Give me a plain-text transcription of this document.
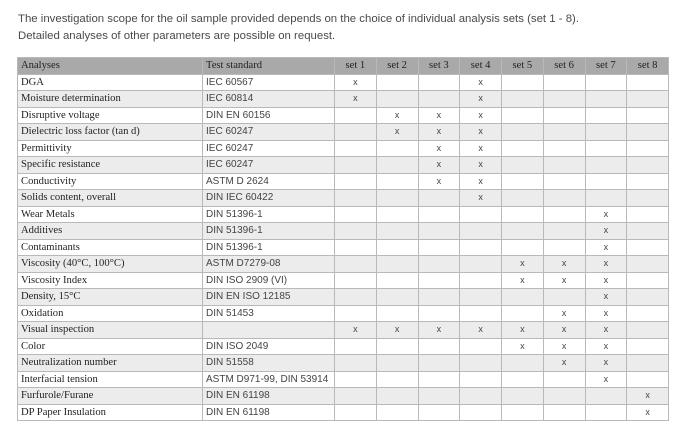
The investigation scope for the oil sample provided depends on the choice of individual analysis sets (set 1 - 8).

Detailed analyses of other parameters are possible on request.

Analyses	Test standard	set 1	set 2	set 3	set 4	set 5	set 6	set 7	set 8
DGA	IEC 60567	x			x				
Moisture determination	IEC 60814	x			x				
Disruptive voltage	DIN EN 60156		x	x	x				
Dielectric loss factor (tan d)	IEC 60247		x	x	x				
Permittivity	IEC 60247			x	x				
Specific resistance	IEC 60247			x	x				
Conductivity	ASTM D 2624			x	x				
Solids content, overall	DIN IEC 60422				x				
Wear Metals	DIN 51396-1							x	
Additives	DIN 51396-1							x	
Contaminants	DIN 51396-1							x	
Viscosity (40°C, 100°C)	ASTM D7279-08					x	x	x	
Viscosity Index	DIN ISO 2909 (VI)					x	x	x	
Density, 15°C	DIN EN ISO 12185							x	
Oxidation	DIN 51453						x	x	
Visual inspection		x	x	x	x	x	x	x	
Color	DIN ISO 2049					x	x	x	
Neutralization number	DIN 51558						x	x	
Interfacial tension	ASTM D971-99, DIN 53914							x	
Furfurole/Furane	DIN EN 61198								x
DP Paper Insulation	DIN EN 61198								x
